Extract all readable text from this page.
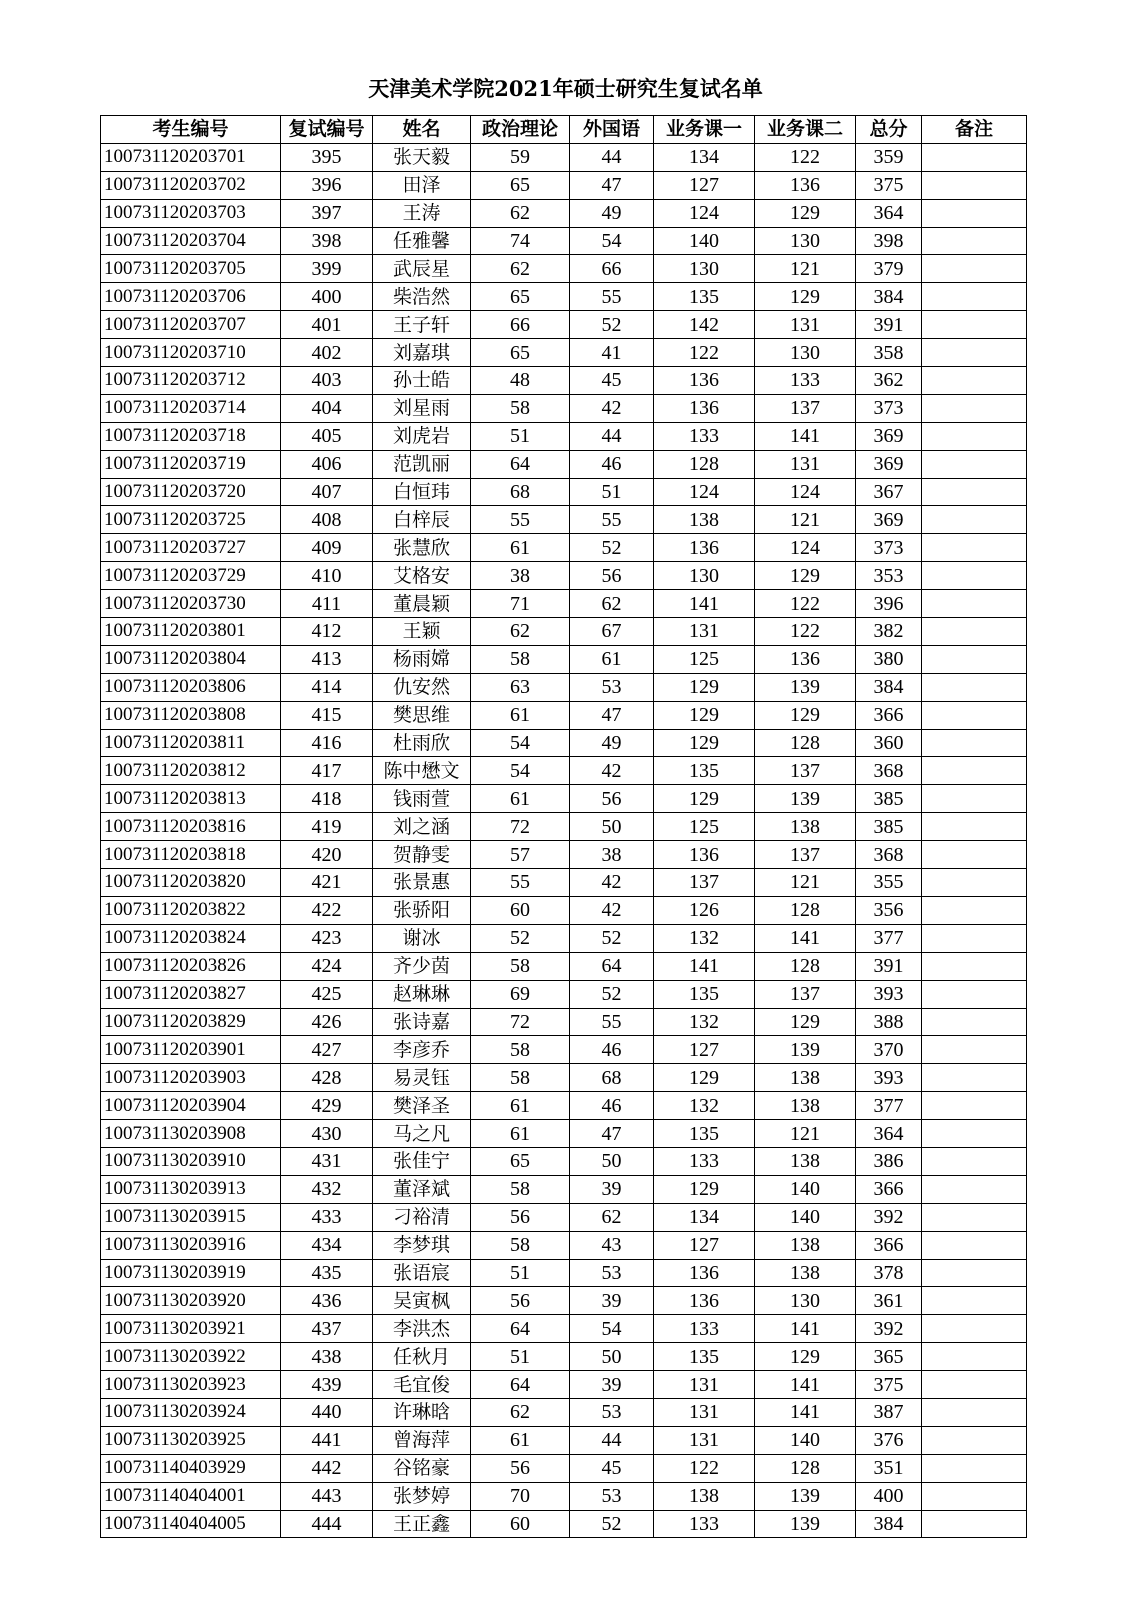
天津美术学院2021年硕士研究生复试名单
考生编号	复试编号	姓名	政治理论	外国语	业务课一	业务课二	总分	备注
100731120203701	395	张天毅	59	44	134	122	359	
100731120203702	396	田泽	65	47	127	136	375	
100731120203703	397	王涛	62	49	124	129	364	
100731120203704	398	任雅馨	74	54	140	130	398	
100731120203705	399	武辰星	62	66	130	121	379	
100731120203706	400	柴浩然	65	55	135	129	384	
100731120203707	401	王子轩	66	52	142	131	391	
100731120203710	402	刘嘉琪	65	41	122	130	358	
100731120203712	403	孙士皓	48	45	136	133	362	
100731120203714	404	刘星雨	58	42	136	137	373	
100731120203718	405	刘虎岩	51	44	133	141	369	
100731120203719	406	范凯丽	64	46	128	131	369	
100731120203720	407	白恒玮	68	51	124	124	367	
100731120203725	408	白梓辰	55	55	138	121	369	
100731120203727	409	张慧欣	61	52	136	124	373	
100731120203729	410	艾格安	38	56	130	129	353	
100731120203730	411	董晨颖	71	62	141	122	396	
100731120203801	412	王颖	62	67	131	122	382	
100731120203804	413	杨雨嫦	58	61	125	136	380	
100731120203806	414	仇安然	63	53	129	139	384	
100731120203808	415	樊思维	61	47	129	129	366	
100731120203811	416	杜雨欣	54	49	129	128	360	
100731120203812	417	陈中懋文	54	42	135	137	368	
100731120203813	418	钱雨萱	61	56	129	139	385	
100731120203816	419	刘之涵	72	50	125	138	385	
100731120203818	420	贺静雯	57	38	136	137	368	
100731120203820	421	张景惠	55	42	137	121	355	
100731120203822	422	张骄阳	60	42	126	128	356	
100731120203824	423	谢冰	52	52	132	141	377	
100731120203826	424	齐少茵	58	64	141	128	391	
100731120203827	425	赵琳琳	69	52	135	137	393	
100731120203829	426	张诗嘉	72	55	132	129	388	
100731120203901	427	李彦乔	58	46	127	139	370	
100731120203903	428	易灵钰	58	68	129	138	393	
100731120203904	429	樊泽圣	61	46	132	138	377	
100731130203908	430	马之凡	61	47	135	121	364	
100731130203910	431	张佳宁	65	50	133	138	386	
100731130203913	432	董泽斌	58	39	129	140	366	
100731130203915	433	刁裕清	56	62	134	140	392	
100731130203916	434	李梦琪	58	43	127	138	366	
100731130203919	435	张语宸	51	53	136	138	378	
100731130203920	436	吴寅枫	56	39	136	130	361	
100731130203921	437	李洪杰	64	54	133	141	392	
100731130203922	438	任秋月	51	50	135	129	365	
100731130203923	439	毛宜俊	64	39	131	141	375	
100731130203924	440	许琳晗	62	53	131	141	387	
100731130203925	441	曾海萍	61	44	131	140	376	
100731140403929	442	谷铭豪	56	45	122	128	351	
100731140404001	443	张梦婷	70	53	138	139	400	
100731140404005	444	王正鑫	60	52	133	139	384	
